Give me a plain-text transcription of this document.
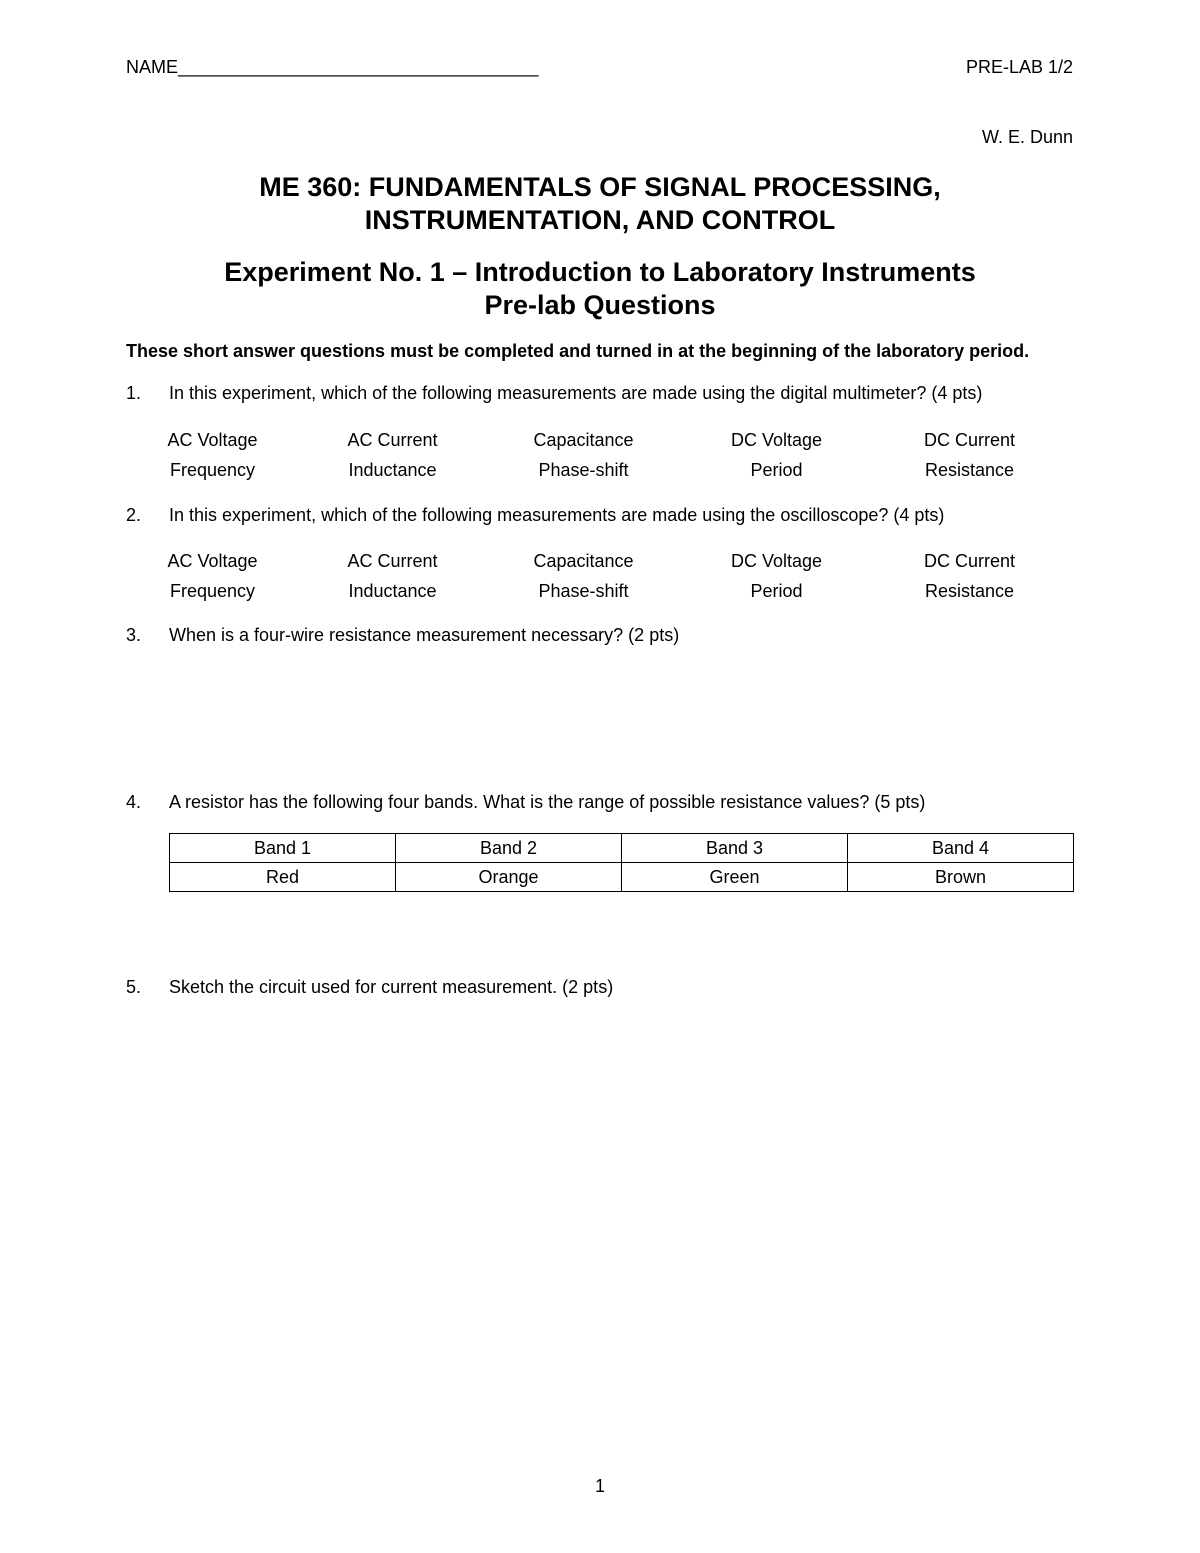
NAME____________________________________	PRE-LAB 1/2
W. E. Dunn
ME 360: FUNDAMENTALS OF SIGNAL PROCESSING,
INSTRUMENTATION, AND CONTROL
Experiment No. 1 – Introduction to Laboratory Instruments
Pre-lab Questions
These short answer questions must be completed and turned in at the beginning of the laboratory period.
1.	In this experiment, which of the following measurements are made using the digital multimeter? (4 pts)
AC Voltage	AC Current	Capacitance	DC Voltage	DC Current
Frequency	Inductance	Phase-shift	Period	Resistance
2.	In this experiment, which of the following measurements are made using the oscilloscope? (4 pts)
AC Voltage	AC Current	Capacitance	DC Voltage	DC Current
Frequency	Inductance	Phase-shift	Period	Resistance
3.	When is a four-wire resistance measurement necessary? (2 pts)
4.	A resistor has the following four bands. What is the range of possible resistance values? (5 pts)
Band 1	Band 2	Band 3	Band 4
Red	Orange	Green	Brown
5.	Sketch the circuit used for current measurement. (2 pts)
1
